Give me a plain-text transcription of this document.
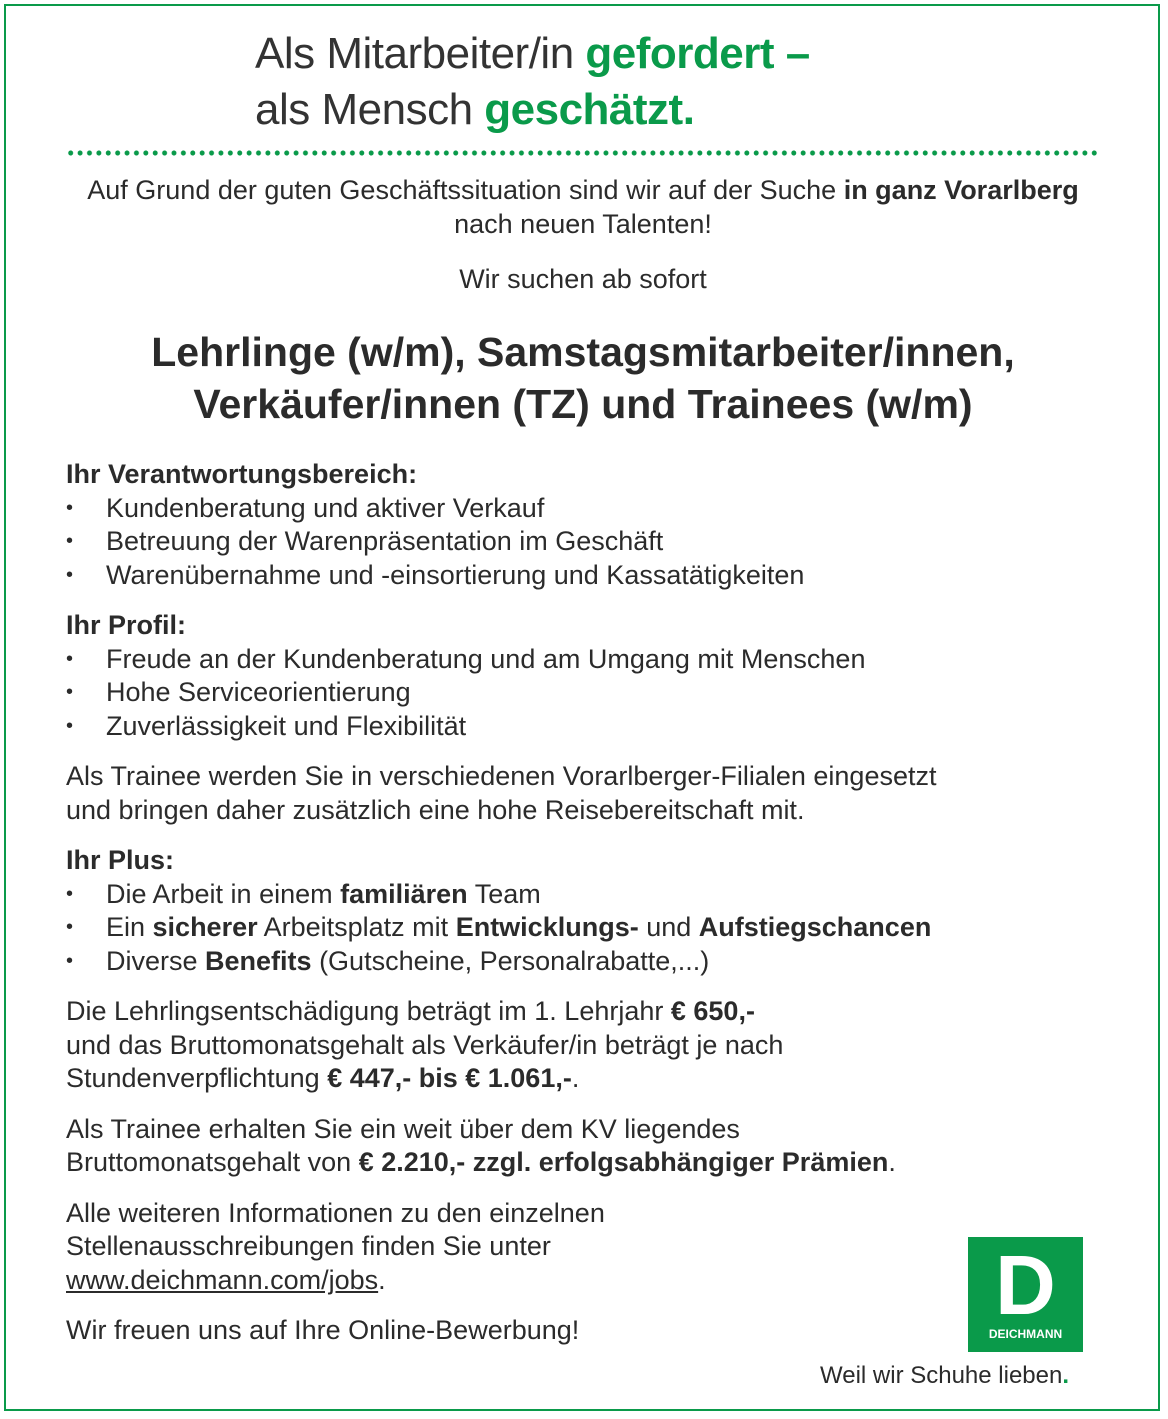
Als Mitarbeiter/in gefordert –
als Mensch geschätzt.
Auf Grund der guten Geschäftssituation sind wir auf der Suche in ganz Vorarlberg nach neuen Talenten!
Wir suchen ab sofort
Lehrlinge (w/m), Samstagsmitarbeiter/innen,
Verkäufer/innen (TZ) und Trainees (w/m)
Ihr Verantwortungsbereich:
• Kundenberatung und aktiver Verkauf
• Betreuung der Warenpräsentation im Geschäft
• Warenübernahme und -einsortierung und Kassatätigkeiten
Ihr Profil:
• Freude an der Kundenberatung und am Umgang mit Menschen
• Hohe Serviceorientierung
• Zuverlässigkeit und Flexibilität

Als Trainee werden Sie in verschiedenen Vorarlberger-Filialen eingesetzt
und bringen daher zusätzlich eine hohe Reisebereitschaft mit.

Ihr Plus:
• Die Arbeit in einem familiären Team
• Ein sicherer Arbeitsplatz mit Entwicklungs- und Aufstiegschancen
• Diverse Benefits (Gutscheine, Personalrabatte,...)

Die Lehrlingsentschädigung beträgt im 1. Lehrjahr € 650,-
und das Bruttomonatsgehalt als Verkäufer/in beträgt je nach
Stundenverpflichtung € 447,- bis € 1.061,-.

Als Trainee erhalten Sie ein weit über dem KV liegendes
Bruttomonatsgehalt von € 2.210,- zzgl. erfolgsabhängiger Prämien.

Alle weiteren Informationen zu den einzelnen
Stellenausschreibungen finden Sie unter
www.deichmann.com/jobs.

Wir freuen uns auf Ihre Online-Bewerbung!	D
DEICHMANN
Weil wir Schuhe lieben.
